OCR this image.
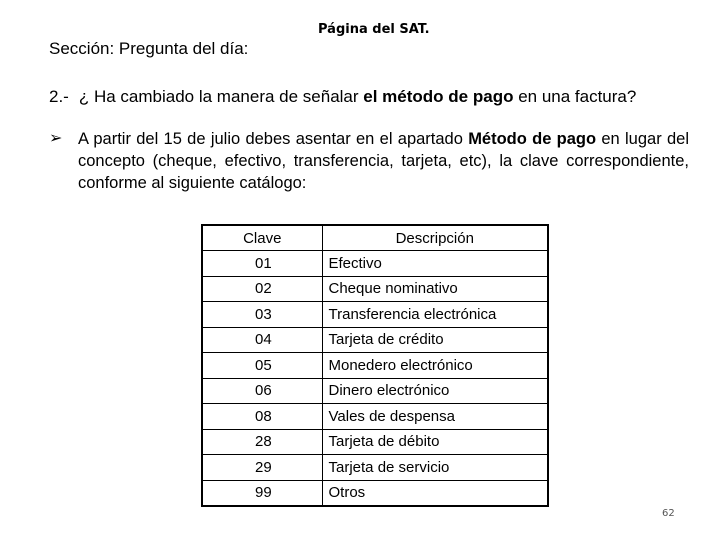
Página del SAT.
Sección: Pregunta del día:
2.- ¿ Ha cambiado la manera de señalar el método de pago en una factura?
➢ A partir del 15 de julio debes asentar en el apartado Método de pago en lugar del concepto (cheque, efectivo, transferencia, tarjeta, etc), la clave correspondiente, conforme al siguiente catálogo:
Clave	Descripción
01	Efectivo
02	Cheque nominativo
03	Transferencia electrónica
04	Tarjeta de crédito
05	Monedero electrónico
06	Dinero electrónico
08	Vales de despensa
28	Tarjeta de débito
29	Tarjeta de servicio
99	Otros
62
